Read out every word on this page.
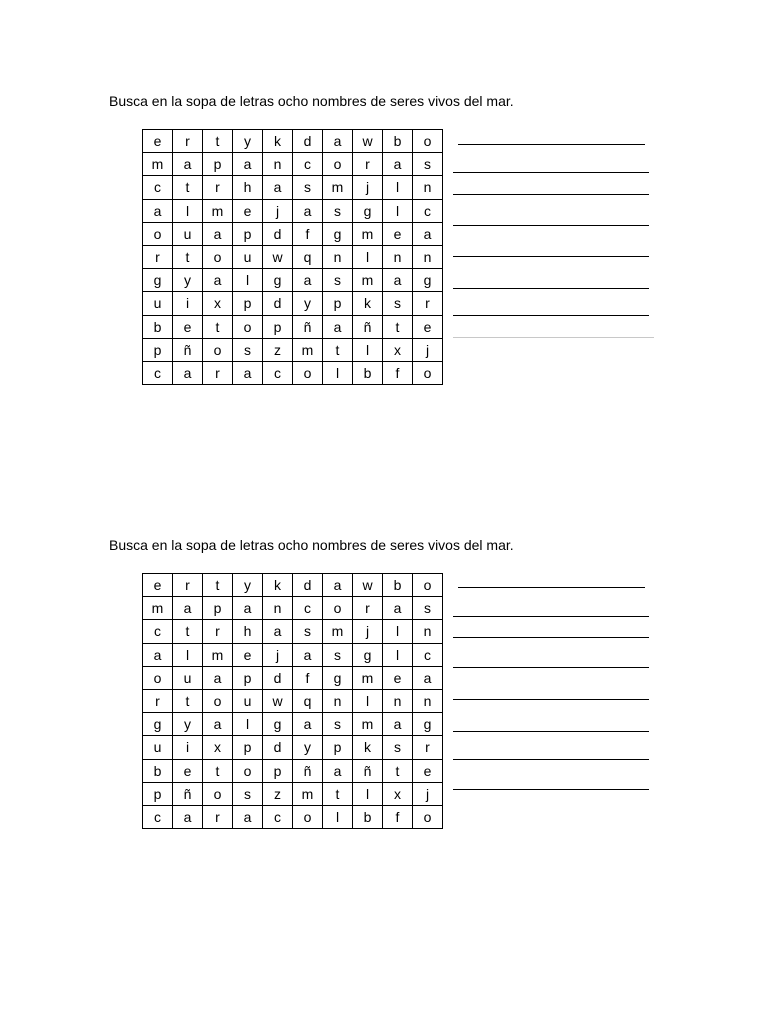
Busca en la sopa de letras ocho nombres de seres vivos del mar.
e	r	t	y	k	d	a	w	b	o
m	a	p	a	n	c	o	r	a	s
c	t	r	h	a	s	m	j	l	n
a	l	m	e	j	a	s	g	l	c
o	u	a	p	d	f	g	m	e	a
r	t	o	u	w	q	n	l	n	n
g	y	a	l	g	a	s	m	a	g
u	i	x	p	d	y	p	k	s	r
b	e	t	o	p	ñ	a	ñ	t	e
p	ñ	o	s	z	m	t	l	x	j
c	a	r	a	c	o	l	b	f	o
Busca en la sopa de letras ocho nombres de seres vivos del mar.
e	r	t	y	k	d	a	w	b	o
m	a	p	a	n	c	o	r	a	s
c	t	r	h	a	s	m	j	l	n
a	l	m	e	j	a	s	g	l	c
o	u	a	p	d	f	g	m	e	a
r	t	o	u	w	q	n	l	n	n
g	y	a	l	g	a	s	m	a	g
u	i	x	p	d	y	p	k	s	r
b	e	t	o	p	ñ	a	ñ	t	e
p	ñ	o	s	z	m	t	l	x	j
c	a	r	a	c	o	l	b	f	o
